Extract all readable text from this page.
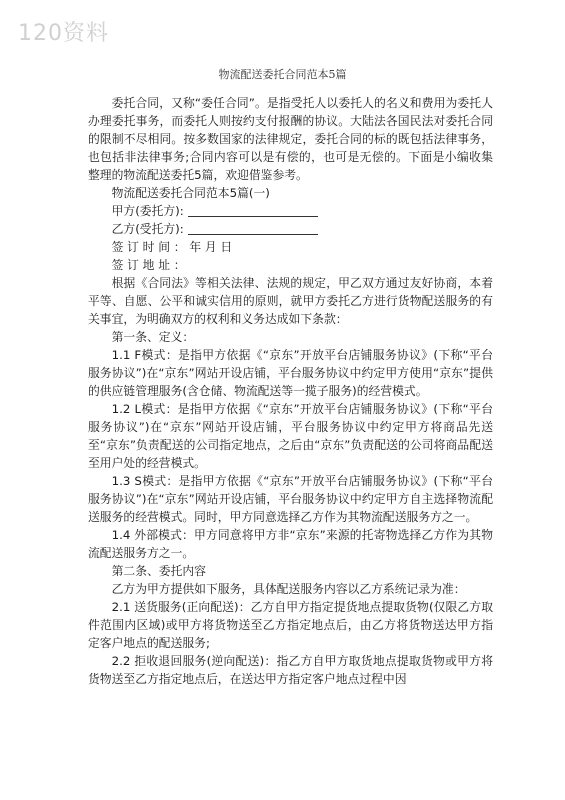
120资料
物流配送委托合同范本5篇

委托合同，又称“委任合同”。是指受托人以委托人的名义和费用为委托人办理委托事务，而委托人则按约支付报酬的协议。大陆法各国民法对委托合同的限制不尽相同。按多数国家的法律规定，委托合同的标的既包括法律事务，也包括非法律事务;合同内容可以是有偿的，也可是无偿的。下面是小编收集整理的物流配送委托5篇，欢迎借鉴参考。

物流配送委托合同范本5篇(一)

甲方(委托方):

乙方(受托方):

签 订 时 间 ： 年 月 日

签 订 地 址 ：

根据《合同法》等相关法律、法规的规定，甲乙双方通过友好协商，本着平等、自愿、公平和诚实信用的原则，就甲方委托乙方进行货物配送服务的有关事宜，为明确双方的权利和义务达成如下条款：

第一条、定义：

1.1 F模式：是指甲方依据《“京东”开放平台店铺服务协议》(下称“平台服务协议”)在“京东”网站开设店铺，平台服务协议中约定甲方使用“京东”提供的供应链管理服务(含仓储、物流配送等一揽子服务)的经营模式。

1.2 L模式：是指甲方依据《“京东”开放平台店铺服务协议》(下称“平台服务协议”)在“京东”网站开设店铺，平台服务协议中约定甲方将商品先送至“京东”负责配送的公司指定地点，之后由“京东”负责配送的公司将商品配送至用户处的经营模式。

1.3 S模式：是指甲方依据《“京东”开放平台店铺服务协议》(下称“平台服务协议”)在“京东”网站开设店铺，平台服务协议中约定甲方自主选择物流配送服务的经营模式。同时，甲方同意选择乙方作为其物流配送服务方之一。

1.4 外部模式：甲方同意将甲方非“京东”来源的托寄物选择乙方作为其物流配送服务方之一。

第二条、委托内容

乙方为甲方提供如下服务，具体配送服务内容以乙方系统记录为准：

2.1 送货服务(正向配送)：乙方自甲方指定提货地点提取货物(仅限乙方取件范围内区域)或甲方将货物送至乙方指定地点后，由乙方将货物送达甲方指定客户地点的配送服务;

2.2 拒收退回服务(逆向配送)：指乙方自甲方取货地点提取货物或甲方将货物送至乙方指定地点后，在送达甲方指定客户地点过程中因
